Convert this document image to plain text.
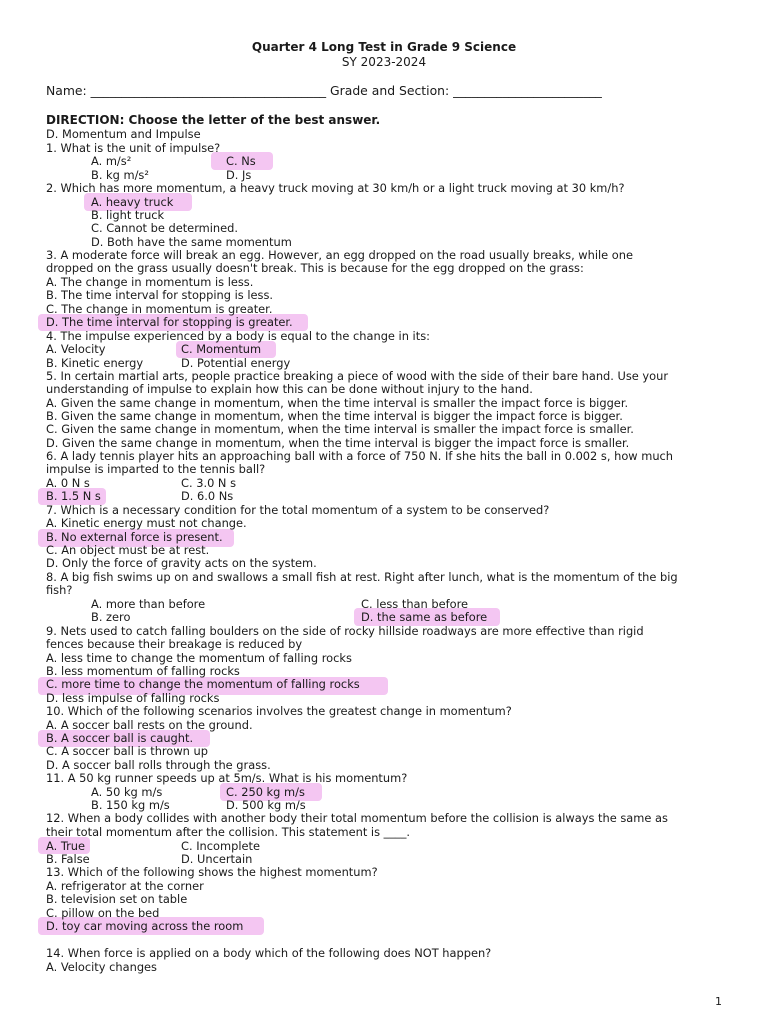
Quarter 4 Long Test in Grade 9 Science
SY 2023-2024
Name: ______________________________________ Grade and Section: ________________________
DIRECTION: Choose the letter of the best answer.
D. Momentum and Impulse
1. What is the unit of impulse?
A. m/s²	C. Ns
B. kg m/s²	D. Js
2. Which has more momentum, a heavy truck moving at 30 km/h or a light truck moving at 30 km/h?
A. heavy truck
B. light truck
C. Cannot be determined.
D. Both have the same momentum
3. A moderate force will break an egg. However, an egg dropped on the road usually breaks, while one
dropped on the grass usually doesn't break. This is because for the egg dropped on the grass:
A. The change in momentum is less.
B. The time interval for stopping is less.
C. The change in momentum is greater.
D. The time interval for stopping is greater.
4. The impulse experienced by a body is equal to the change in its:
A. Velocity	C. Momentum
B. Kinetic energy	D. Potential energy
5. In certain martial arts, people practice breaking a piece of wood with the side of their bare hand. Use your
understanding of impulse to explain how this can be done without injury to the hand.
A. Given the same change in momentum, when the time interval is smaller the impact force is bigger.
B. Given the same change in momentum, when the time interval is bigger the impact force is bigger.
C. Given the same change in momentum, when the time interval is smaller the impact force is smaller.
D. Given the same change in momentum, when the time interval is bigger the impact force is smaller.
6. A lady tennis player hits an approaching ball with a force of 750 N. If she hits the ball in 0.002 s, how much
impulse is imparted to the tennis ball?
A. 0 N s	C. 3.0 N s
B. 1.5 N s	D. 6.0 Ns
7. Which is a necessary condition for the total momentum of a system to be conserved?
A. Kinetic energy must not change.
B. No external force is present.
C. An object must be at rest.
D. Only the force of gravity acts on the system.
8. A big fish swims up on and swallows a small fish at rest. Right after lunch, what is the momentum of the big
fish?
A. more than before	C. less than before
B. zero	D. the same as before
9. Nets used to catch falling boulders on the side of rocky hillside roadways are more effective than rigid
fences because their breakage is reduced by
A. less time to change the momentum of falling rocks
B. less momentum of falling rocks
C. more time to change the momentum of falling rocks
D. less impulse of falling rocks
10. Which of the following scenarios involves the greatest change in momentum?
A. A soccer ball rests on the ground.
B. A soccer ball is caught.
C. A soccer ball is thrown up
D. A soccer ball rolls through the grass.
11. A 50 kg runner speeds up at 5m/s. What is his momentum?
A. 50 kg m/s	C. 250 kg m/s
B. 150 kg m/s	D. 500 kg m/s
12. When a body collides with another body their total momentum before the collision is always the same as
their total momentum after the collision. This statement is ____.
A. True	C. Incomplete
B. False	D. Uncertain
13. Which of the following shows the highest momentum?
A. refrigerator at the corner
B. television set on table
C. pillow on the bed
D. toy car moving across the room
14. When force is applied on a body which of the following does NOT happen?
A. Velocity changes
1
